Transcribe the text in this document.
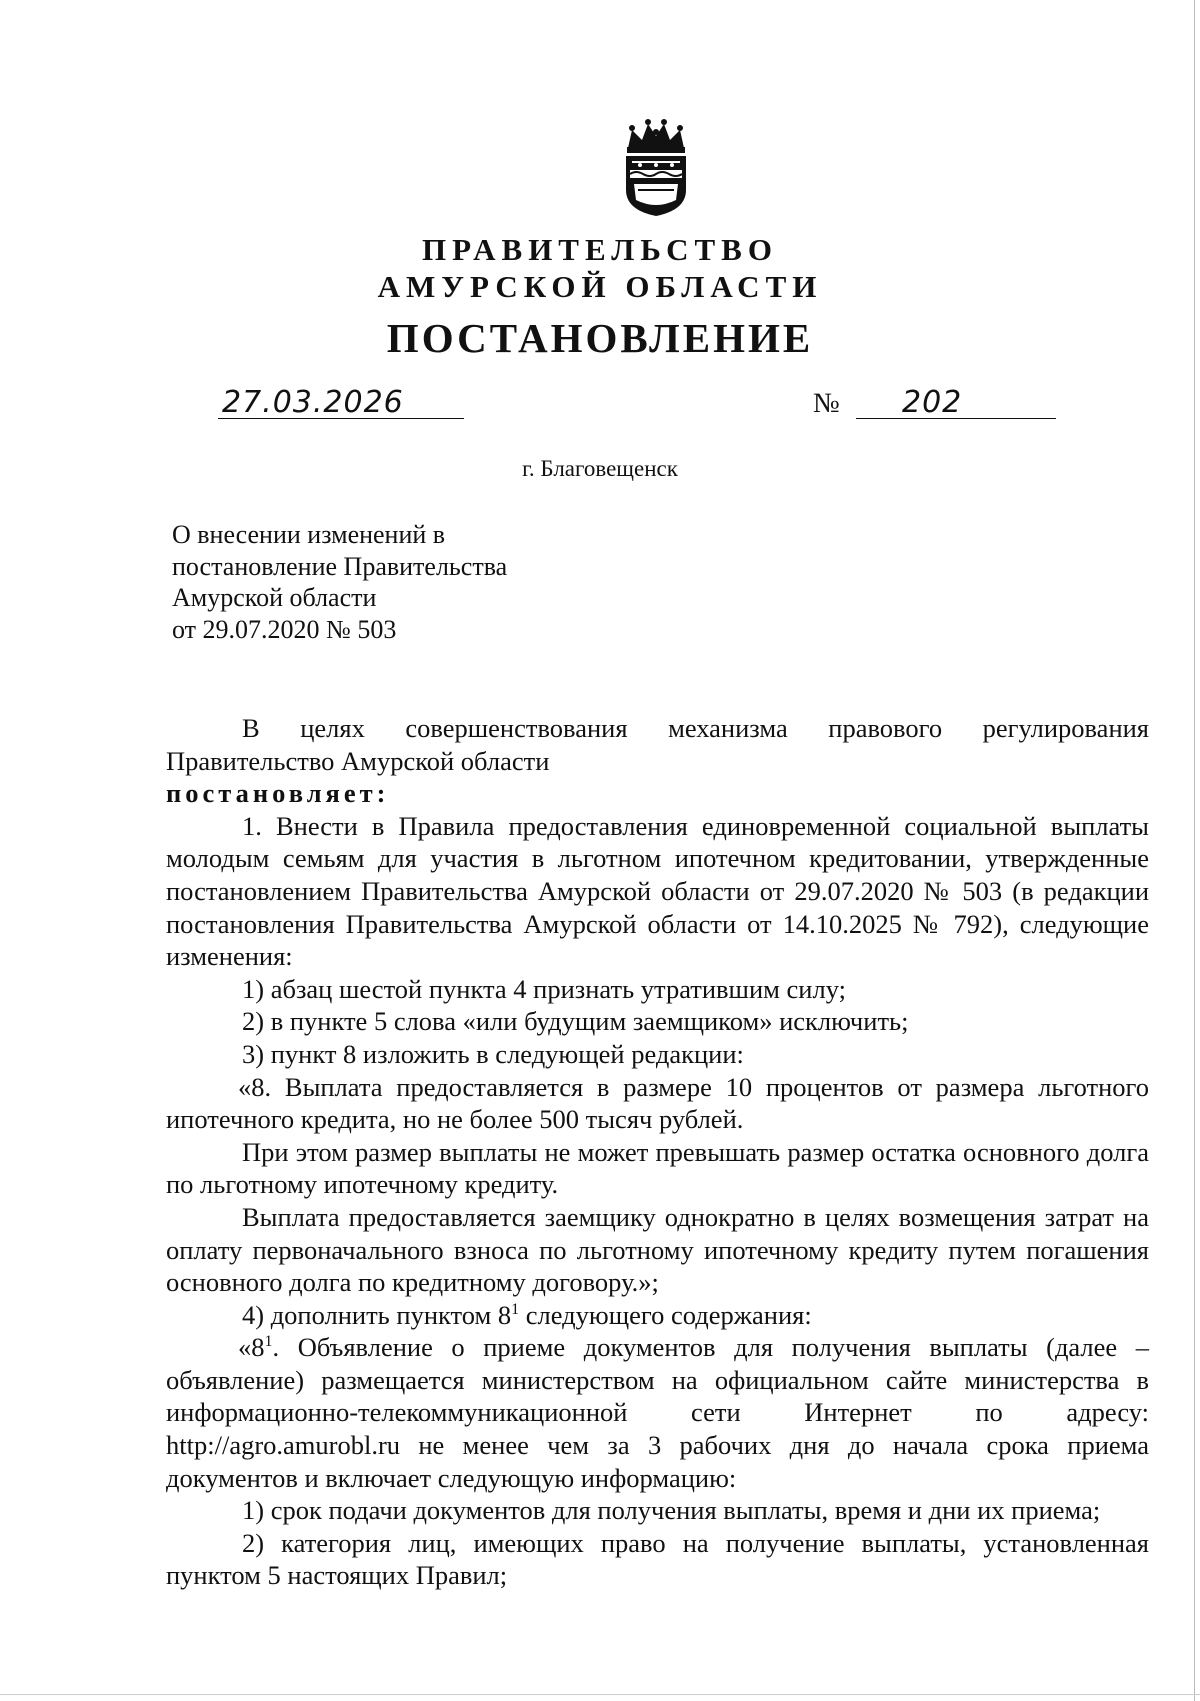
ПРАВИТЕЛЬСТВО
АМУРСКОЙ ОБЛАСТИ
ПОСТАНОВЛЕНИЕ
27.03.2026	№ 202
г. Благовещенск
О внесении изменений в
постановление Правительства
Амурской области
от 29.07.2020 № 503
В целях совершенствования механизма правового регулирования Правительство Амурской области
постановляет:
1. Внести в Правила предоставления единовременной социальной выплаты молодым семьям для участия в льготном ипотечном кредитовании, утвержденные постановлением Правительства Амурской области от 29.07.2020 № 503 (в редакции постановления Правительства Амурской области от 14.10.2025 № 792), следующие изменения:
1) абзац шестой пункта 4 признать утратившим силу;
2) в пункте 5 слова «или будущим заемщиком» исключить;
3) пункт 8 изложить в следующей редакции:
«8. Выплата предоставляется в размере 10 процентов от размера льготного ипотечного кредита, но не более 500 тысяч рублей.
При этом размер выплаты не может превышать размер остатка основного долга по льготному ипотечному кредиту.
Выплата предоставляется заемщику однократно в целях возмещения затрат на оплату первоначального взноса по льготному ипотечному кредиту путем погашения основного долга по кредитному договору.»;
4) дополнить пунктом $8^1$ следующего содержания:
«$8^1$. Объявление о приеме документов для получения выплаты (далее – объявление) размещается министерством на официальном сайте министерства в информационно-телекоммуникационной сети Интернет по адресу: http://agro.amurobl.ru не менее чем за 3 рабочих дня до начала срока приема документов и включает следующую информацию:
1) срок подачи документов для получения выплаты, время и дни их приема;
2) категория лиц, имеющих право на получение выплаты, установленная пунктом 5 настоящих Правил;
